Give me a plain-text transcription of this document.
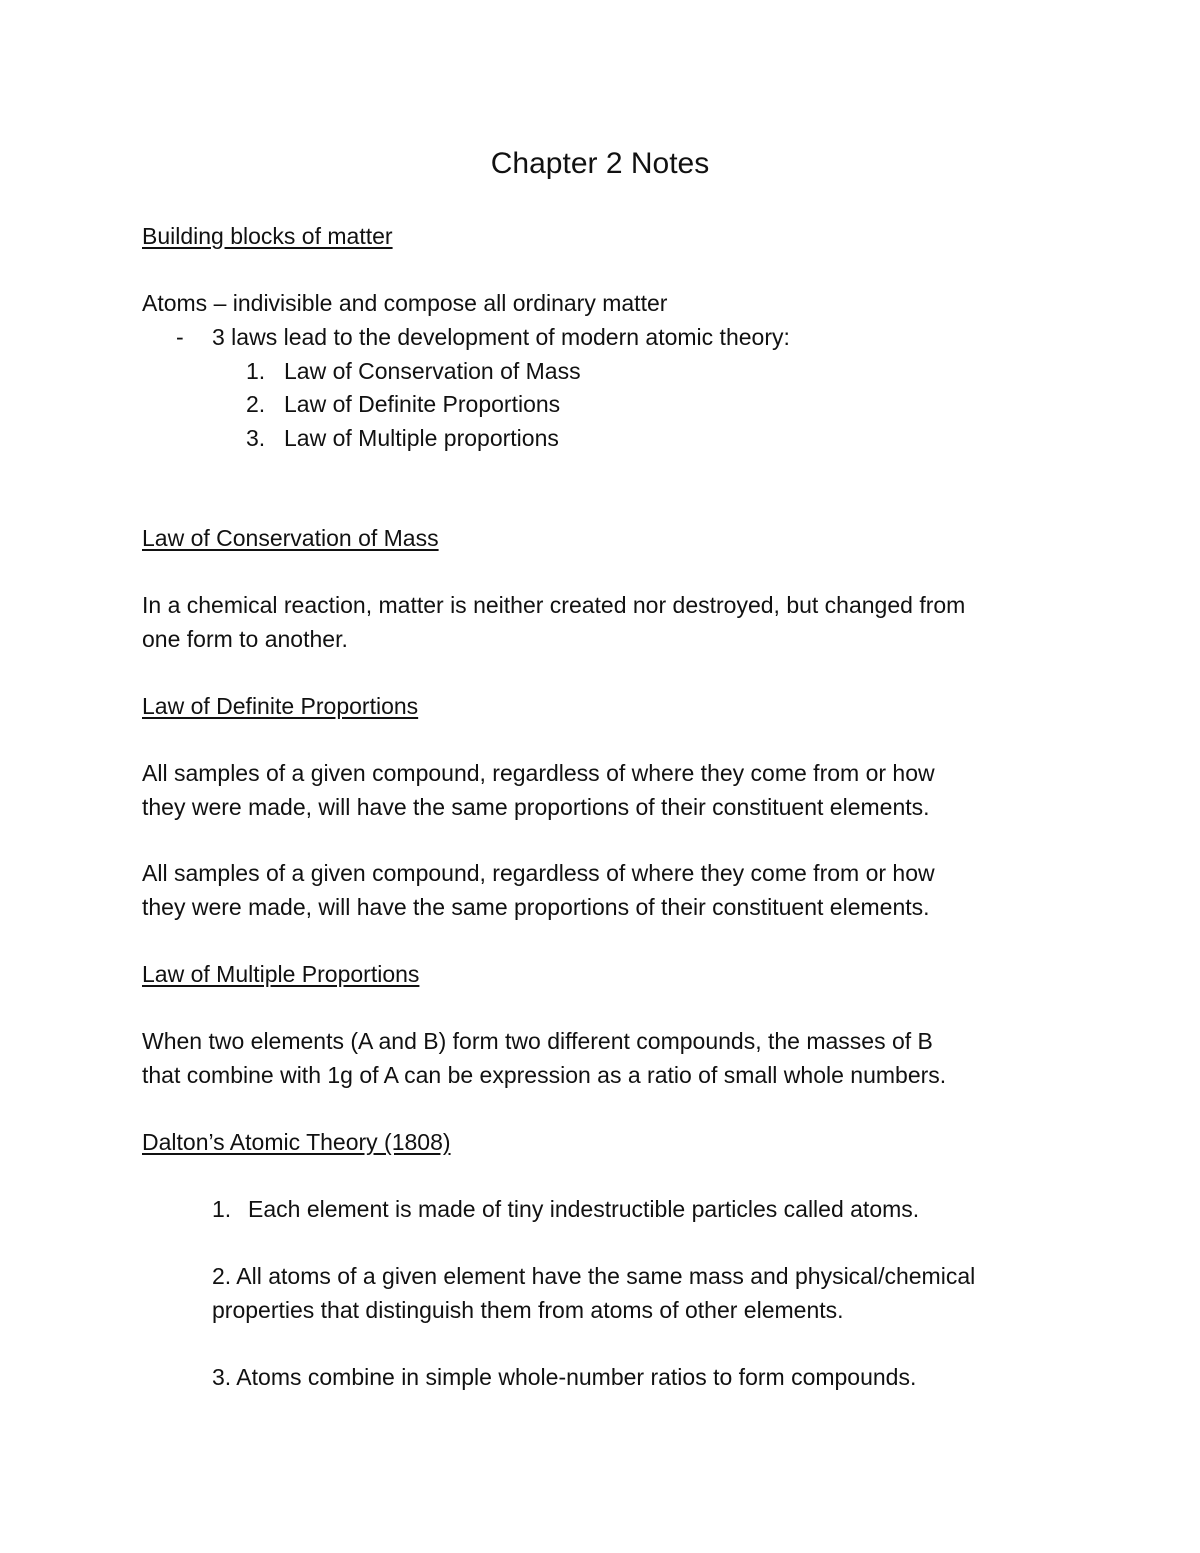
Chapter 2 Notes
Building blocks of matter
Atoms – indivisible and compose all ordinary matter
- 3 laws lead to the development of modern atomic theory:
1. Law of Conservation of Mass
2. Law of Definite Proportions
3. Law of Multiple proportions
Law of Conservation of Mass
In a chemical reaction, matter is neither created nor destroyed, but changed from
one form to another.
Law of Definite Proportions
All samples of a given compound, regardless of where they come from or how
they were made, will have the same proportions of their constituent elements.
All samples of a given compound, regardless of where they come from or how
they were made, will have the same proportions of their constituent elements.
Law of Multiple Proportions
When two elements (A and B) form two different compounds, the masses of B
that combine with 1g of A can be expression as a ratio of small whole numbers.
Dalton’s Atomic Theory (1808)
1. Each element is made of tiny indestructible particles called atoms.
2. All atoms of a given element have the same mass and physical/chemical
properties that distinguish them from atoms of other elements.
3. Atoms combine in simple whole-number ratios to form compounds.
